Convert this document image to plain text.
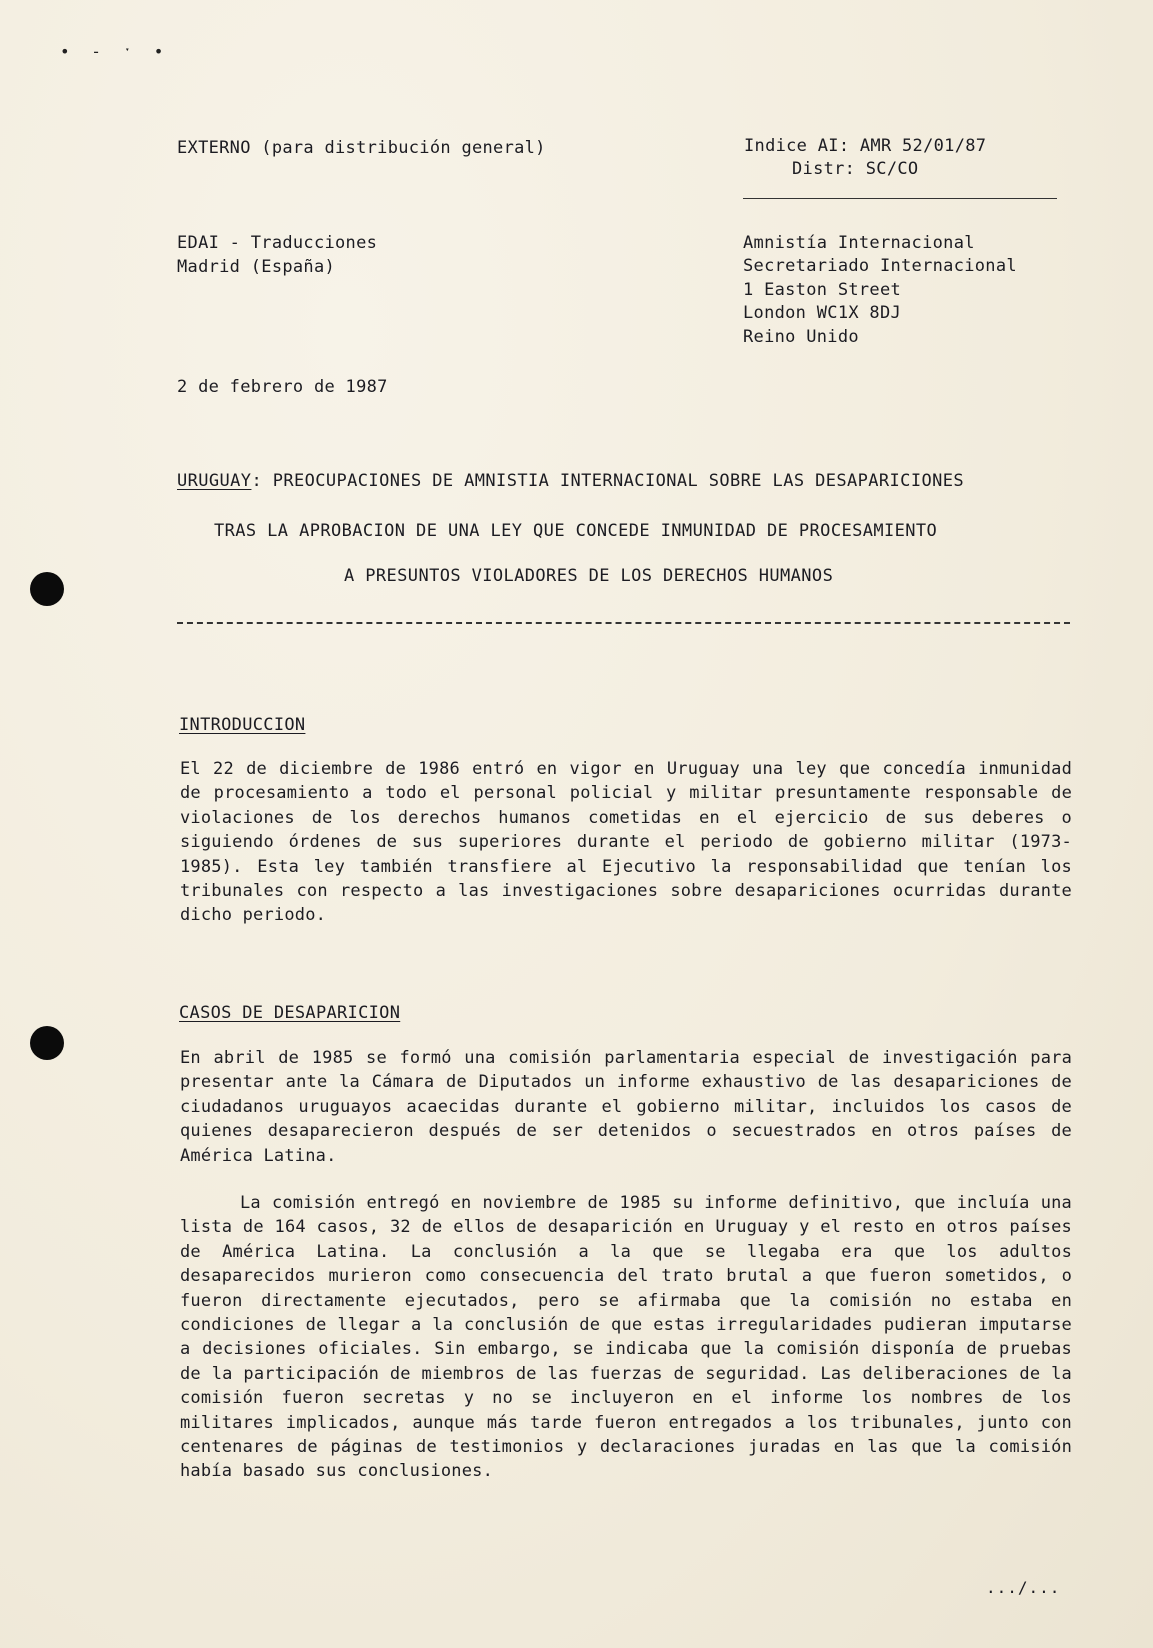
• - ˑ •
EXTERNO (para distribución general)	Indice AI: AMR 52/01/87
Distr: SC/CO
EDAI - Traducciones
Madrid (España)
Amnistía Internacional
Secretariado Internacional
1 Easton Street
London WC1X 8DJ
Reino Unido
2 de febrero de 1987
URUGUAY: PREOCUPACIONES DE AMNISTIA INTERNACIONAL SOBRE LAS DESAPARICIONES
TRAS LA APROBACION DE UNA LEY QUE CONCEDE INMUNIDAD DE PROCESAMIENTO
A PRESUNTOS VIOLADORES DE LOS DERECHOS HUMANOS
INTRODUCCION

El 22 de diciembre de 1986 entró en vigor en Uruguay una ley que concedía inmunidad de procesamiento a todo el personal policial y militar presuntamente responsable de violaciones de los derechos humanos cometidas en el ejercicio de sus deberes o siguiendo órdenes de sus superiores durante el periodo de gobierno militar (1973-1985). Esta ley también transfiere al Ejecutivo la responsabilidad que tenían los tribunales con respecto a las investigaciones sobre desapariciones ocurridas durante dicho periodo.

CASOS DE DESAPARICION

En abril de 1985 se formó una comisión parlamentaria especial de investigación para presentar ante la Cámara de Diputados un informe exhaustivo de las desapariciones de ciudadanos uruguayos acaecidas durante el gobierno militar, incluidos los casos de quienes desaparecieron después de ser detenidos o secuestrados en otros países de América Latina.

La comisión entregó en noviembre de 1985 su informe definitivo, que incluía una lista de 164 casos, 32 de ellos de desaparición en Uruguay y el resto en otros países de América Latina. La conclusión a la que se llegaba era que los adultos desaparecidos murieron como consecuencia del trato brutal a que fueron sometidos, o fueron directamente ejecutados, pero se afirmaba que la comisión no estaba en condiciones de llegar a la conclusión de que estas irregularidades pudieran imputarse a decisiones oficiales. Sin embargo, se indicaba que la comisión disponía de pruebas de la participación de miembros de las fuerzas de seguridad. Las deliberaciones de la comisión fueron secretas y no se incluyeron en el informe los nombres de los militares implicados, aunque más tarde fueron entregados a los tribunales, junto con centenares de páginas de testimonios y declaraciones juradas en las que la comisión había basado sus conclusiones.

.../...
